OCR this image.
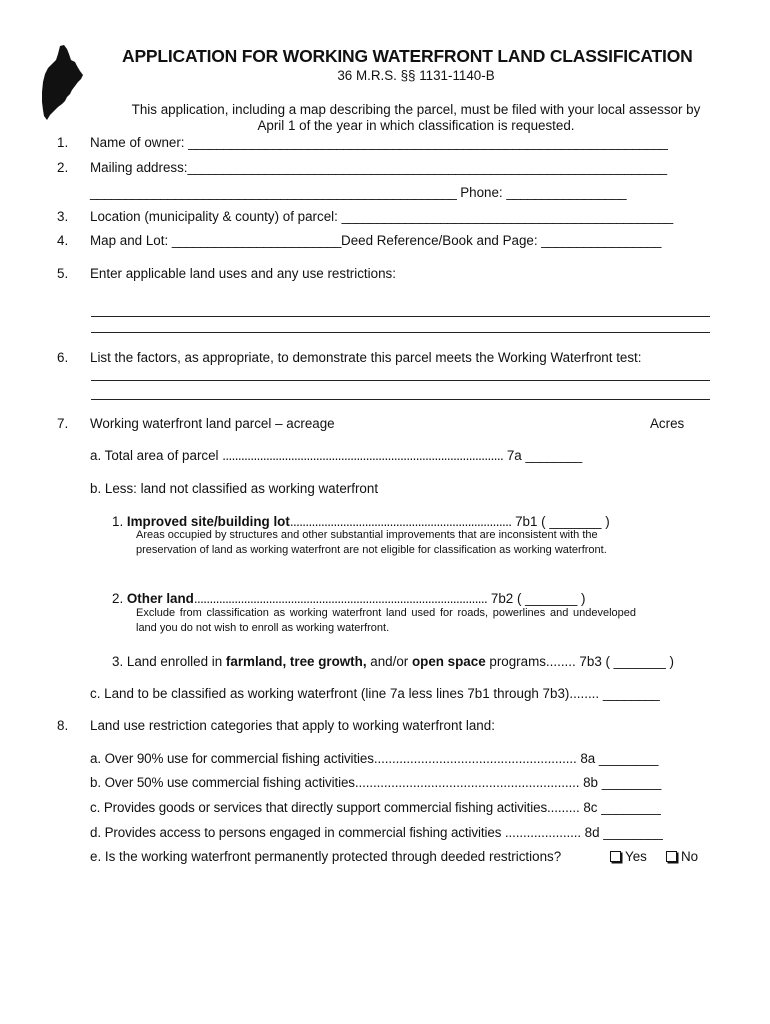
APPLICATION FOR WORKING WATERFRONT LAND CLASSIFICATION
36 M.R.S. §§ 1131-1140-B
This application, including a map describing the parcel, must be filed with your local assessor by April 1 of the year in which classification is requested.
1. Name of owner: ____________________________________________________________________
2. Mailing address:____________________________________________________________________
____________________________________________________ Phone: _________________
3. Location (municipality & county) of parcel: _______________________________________________
4. Map and Lot: ________________________Deed Reference/Book and Page: _________________
5. Enter applicable land uses and any use restrictions:
6. List the factors, as appropriate, to demonstrate this parcel meets the Working Waterfront test:
7. Working waterfront land parcel – acreage	Acres
a. Total area of parcel .......................................................................................... 7a ________
b. Less: land not classified as working waterfront
1. Improved site/building lot....................................................................... 7b1 ( _______ )
Areas occupied by structures and other substantial improvements that are inconsistent with the preservation of land as working waterfront are not eligible for classification as working waterfront.
2. Other land.............................................................................................. 7b2 ( _______ )
Exclude from classification as working waterfront land used for roads, powerlines and undeveloped land you do not wish to enroll as working waterfront.
3. Land enrolled in farmland, tree growth, and/or open space programs........ 7b3 ( _______ )
c. Land to be classified as working waterfront (line 7a less lines 7b1 through 7b3)........ ________
8. Land use restriction categories that apply to working waterfront land:
a. Over 90% use for commercial fishing activities........................................................ 8a ________
b. Over 50% use commercial fishing activities.............................................................. 8b ________
c. Provides goods or services that directly support commercial fishing activities......... 8c ________
d. Provides access to persons engaged in commercial fishing activities ..................... 8d ________
e. Is the working waterfront permanently protected through deeded restrictions?	Yes	No
